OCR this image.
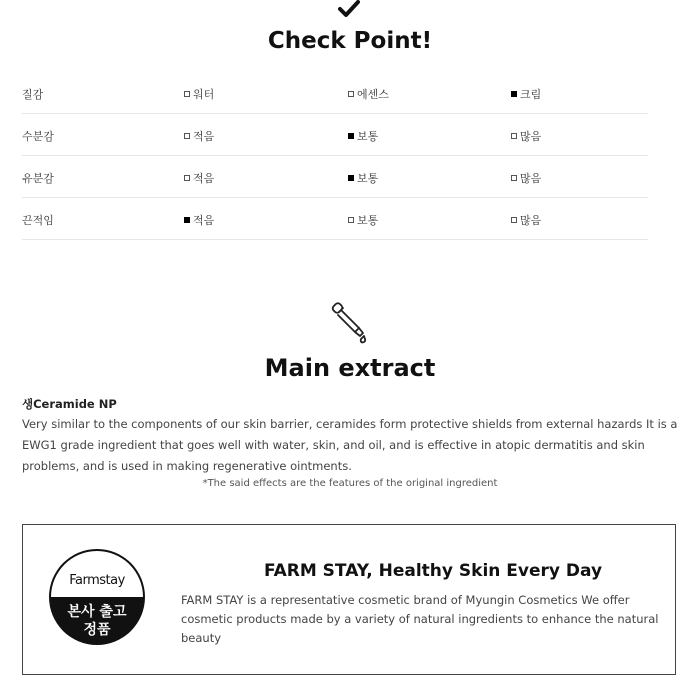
Check Point!
질감	워터	에센스	크림
수분감	적음	보통	많음
유분감	적음	보통	많음
끈적임	적음	보통	많음
Main extract
생Ceramide NP
Very similar to the components of our skin barrier, ceramides form protective shields from external hazards It is a EWG1 grade ingredient that goes well with water, skin, and oil, and is effective in atopic dermatitis and skin problems, and is used in making regenerative ointments.
*The said effects are the features of the original ingredient
Farmstay
본사 출고
정품
FARM STAY, Healthy Skin Every Day
FARM STAY is a representative cosmetic brand of Myungin Cosmetics We offer cosmetic products made by a variety of natural ingredients to enhance the natural beauty
